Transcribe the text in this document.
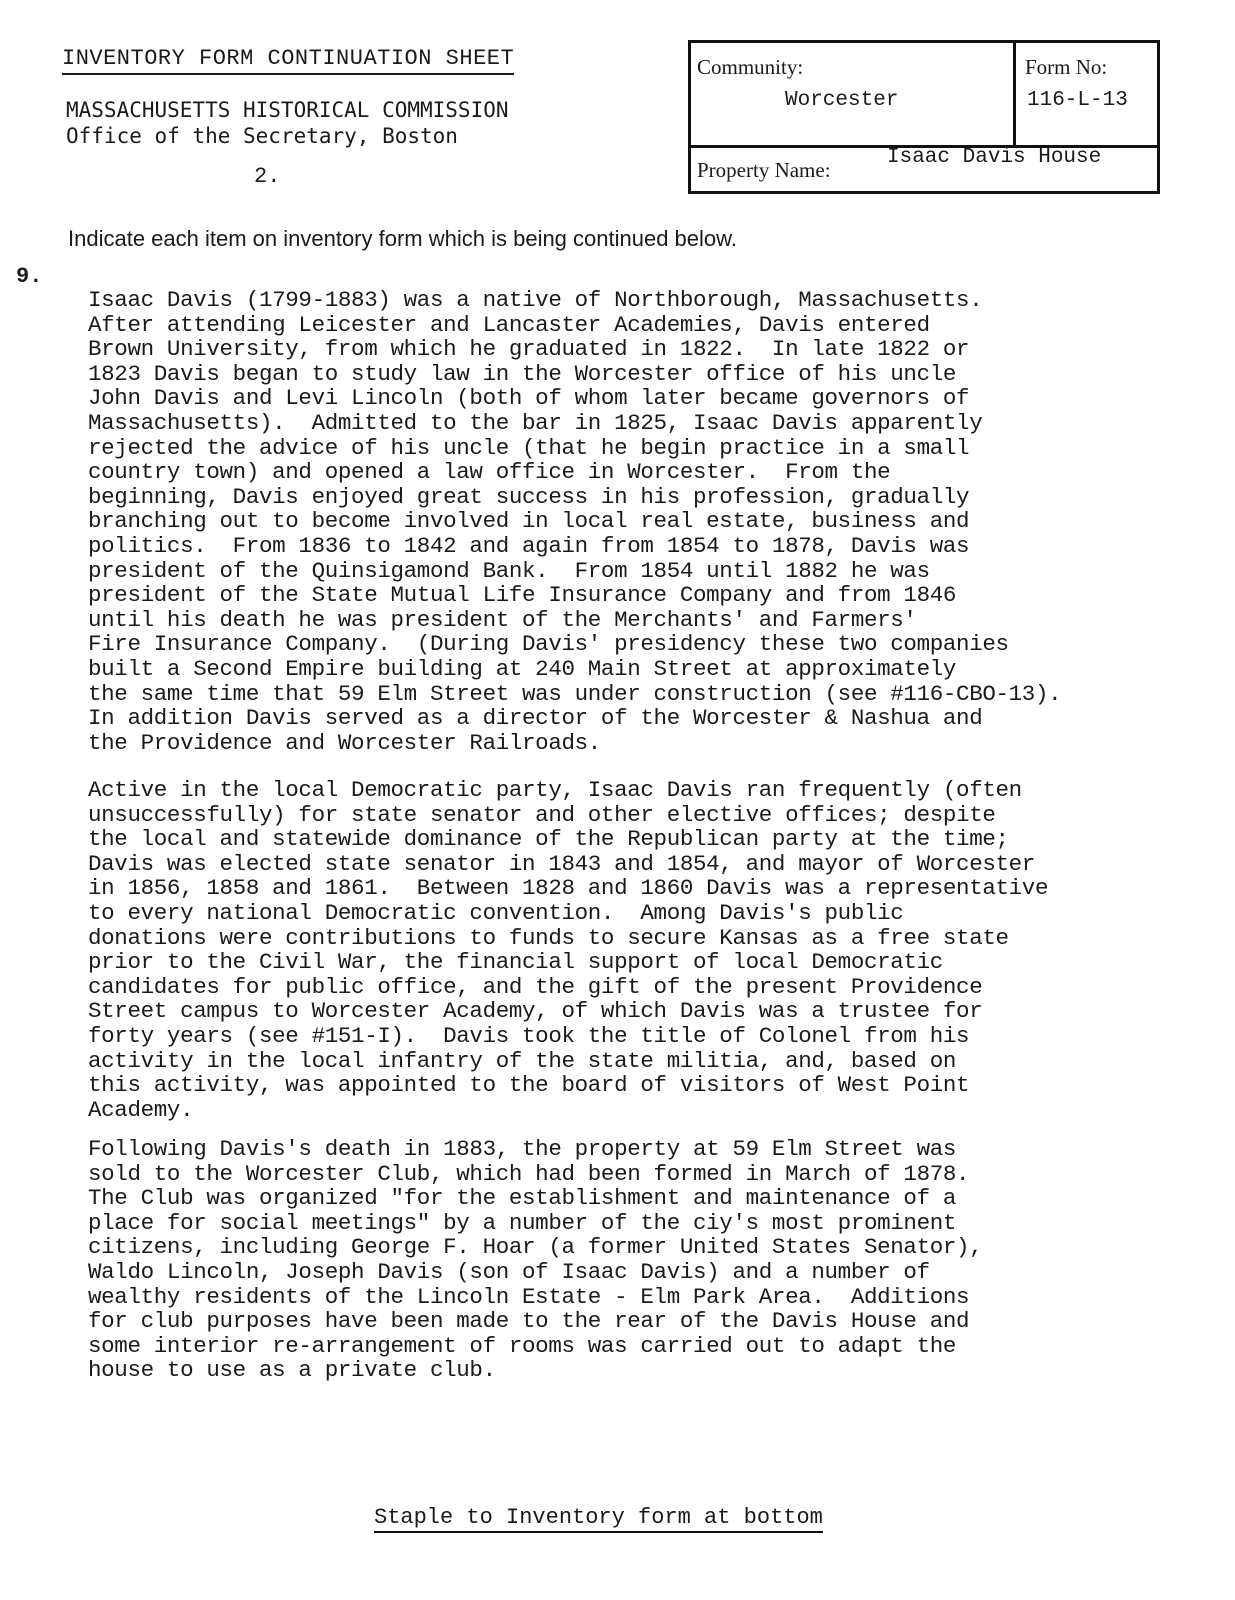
INVENTORY FORM CONTINUATION SHEET
MASSACHUSETTS HISTORICAL COMMISSION
Office of the Secretary, Boston
2.
Community:
Worcester
Form No:
116-L-13
Property Name:
Isaac Davis House
Indicate each item on inventory form which is being continued below.
9.
Isaac Davis (1799-1883) was a native of Northborough, Massachusetts.
After attending Leicester and Lancaster Academies, Davis entered
Brown University, from which he graduated in 1822.  In late 1822 or
1823 Davis began to study law in the Worcester office of his uncle
John Davis and Levi Lincoln (both of whom later became governors of
Massachusetts).  Admitted to the bar in 1825, Isaac Davis apparently
rejected the advice of his uncle (that he begin practice in a small
country town) and opened a law office in Worcester.  From the
beginning, Davis enjoyed great success in his profession, gradually
branching out to become involved in local real estate, business and
politics.  From 1836 to 1842 and again from 1854 to 1878, Davis was
president of the Quinsigamond Bank.  From 1854 until 1882 he was
president of the State Mutual Life Insurance Company and from 1846
until his death he was president of the Merchants' and Farmers'
Fire Insurance Company.  (During Davis' presidency these two companies
built a Second Empire building at 240 Main Street at approximately
the same time that 59 Elm Street was under construction (see #116-CBO-13).
In addition Davis served as a director of the Worcester & Nashua and
the Providence and Worcester Railroads.
Active in the local Democratic party, Isaac Davis ran frequently (often
unsuccessfully) for state senator and other elective offices; despite
the local and statewide dominance of the Republican party at the time;
Davis was elected state senator in 1843 and 1854, and mayor of Worcester
in 1856, 1858 and 1861.  Between 1828 and 1860 Davis was a representative
to every national Democratic convention.  Among Davis's public
donations were contributions to funds to secure Kansas as a free state
prior to the Civil War, the financial support of local Democratic
candidates for public office, and the gift of the present Providence
Street campus to Worcester Academy, of which Davis was a trustee for
forty years (see #151-I).  Davis took the title of Colonel from his
activity in the local infantry of the state militia, and, based on
this activity, was appointed to the board of visitors of West Point
Academy.
Following Davis's death in 1883, the property at 59 Elm Street was
sold to the Worcester Club, which had been formed in March of 1878.
The Club was organized "for the establishment and maintenance of a
place for social meetings" by a number of the ciy's most prominent
citizens, including George F. Hoar (a former United States Senator),
Waldo Lincoln, Joseph Davis (son of Isaac Davis) and a number of
wealthy residents of the Lincoln Estate - Elm Park Area.  Additions
for club purposes have been made to the rear of the Davis House and
some interior re-arrangement of rooms was carried out to adapt the
house to use as a private club.
Staple to Inventory form at bottom
